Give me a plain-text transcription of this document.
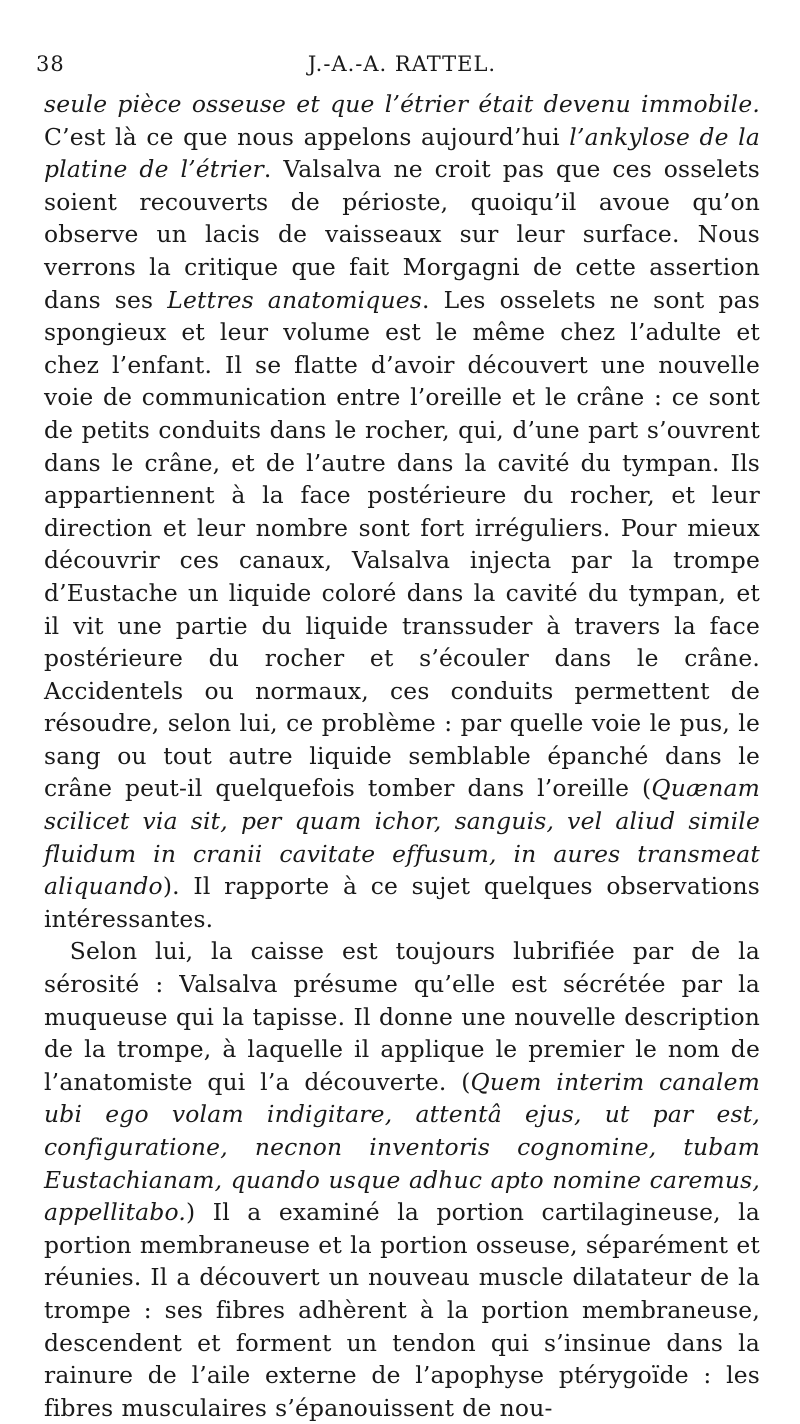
38	J.-A.-A. RATTEL.

seule pièce osseuse et que l’étrier était devenu immobile. C’est là ce que nous appelons aujourd’hui l’ankylose de la platine de l’étrier. Valsalva ne croit pas que ces osselets soient recouverts de périoste, quoiqu’il avoue qu’on observe un lacis de vaisseaux sur leur surface. Nous verrons la critique que fait Morgagni de cette assertion dans ses Lettres anatomiques. Les osselets ne sont pas spongieux et leur volume est le même chez l’adulte et chez l’enfant. Il se flatte d’avoir découvert une nouvelle voie de communication entre l’oreille et le crâne : ce sont de petits conduits dans le rocher, qui, d’une part s’ouvrent dans le crâne, et de l’autre dans la cavité du tympan. Ils appartiennent à la face postérieure du rocher, et leur direction et leur nombre sont fort irréguliers. Pour mieux découvrir ces canaux, Valsalva injecta par la trompe d’Eustache un liquide coloré dans la cavité du tympan, et il vit une partie du liquide transsuder à travers la face postérieure du rocher et s’écouler dans le crâne. Accidentels ou normaux, ces conduits permettent de résoudre, selon lui, ce problème : par quelle voie le pus, le sang ou tout autre liquide semblable épanché dans le crâne peut-il quelquefois tomber dans l’oreille (Quænam scilicet via sit, per quam ichor, sanguis, vel aliud simile fluidum in cranii cavitate effusum, in aures transmeat aliquando). Il rapporte à ce sujet quelques observations intéressantes.

Selon lui, la caisse est toujours lubrifiée par de la sérosité : Valsalva présume qu’elle est sécrétée par la muqueuse qui la tapisse. Il donne une nouvelle description de la trompe, à laquelle il applique le premier le nom de l’anatomiste qui l’a découverte. (Quem interim canalem ubi ego volam indigitare, attentâ ejus, ut par est, configuratione, necnon inventoris cognomine, tubam Eustachianam, quando usque adhuc apto nomine caremus, appellitabo.) Il a examiné la portion cartilagineuse, la portion membraneuse et la portion osseuse, séparément et réunies. Il a découvert un nouveau muscle dilatateur de la trompe : ses fibres adhèrent à la portion membraneuse, descendent et forment un tendon qui s’insinue dans la rainure de l’aile externe de l’apophyse ptérygoïde : les fibres musculaires s’épanouissent de nou-
